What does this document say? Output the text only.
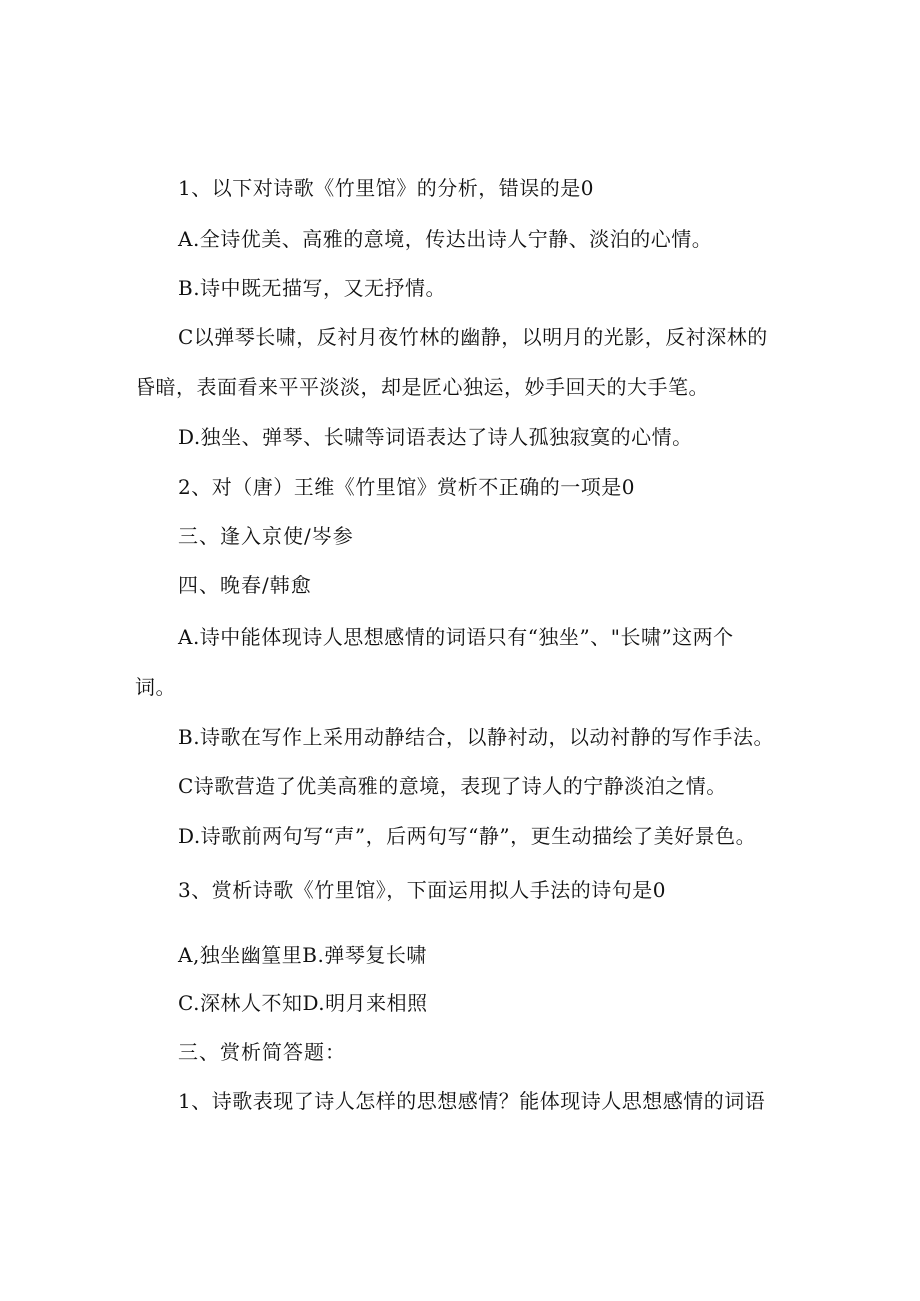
1、以下对诗歌《竹里馆》的分析，错误的是0
A.全诗优美、高雅的意境，传达出诗人宁静、淡泊的心情。
B.诗中既无描写，又无抒情。
C以弹琴长啸，反衬月夜竹林的幽静，以明月的光影，反衬深林的
昏暗，表面看来平平淡淡，却是匠心独运，妙手回天的大手笔。
D.独坐、弹琴、长啸等词语表达了诗人孤独寂寞的心情。
2、对（唐）王维《竹里馆》赏析不正确的一项是0
三、逢入京使/岑参
四、晚春/韩愈
A.诗中能体现诗人思想感情的词语只有“独坐”、"长啸”这两个
词。
B.诗歌在写作上采用动静结合，以静衬动，以动衬静的写作手法。
C诗歌营造了优美高雅的意境，表现了诗人的宁静淡泊之情。
D.诗歌前两句写“声”，后两句写“静”，更生动描绘了美好景色。
3、赏析诗歌《竹里馆》，下面运用拟人手法的诗句是0
A,独坐幽篁里B.弹琴复长啸
C.深林人不知D.明月来相照
三、赏析简答题：
1、诗歌表现了诗人怎样的思想感情？能体现诗人思想感情的词语
